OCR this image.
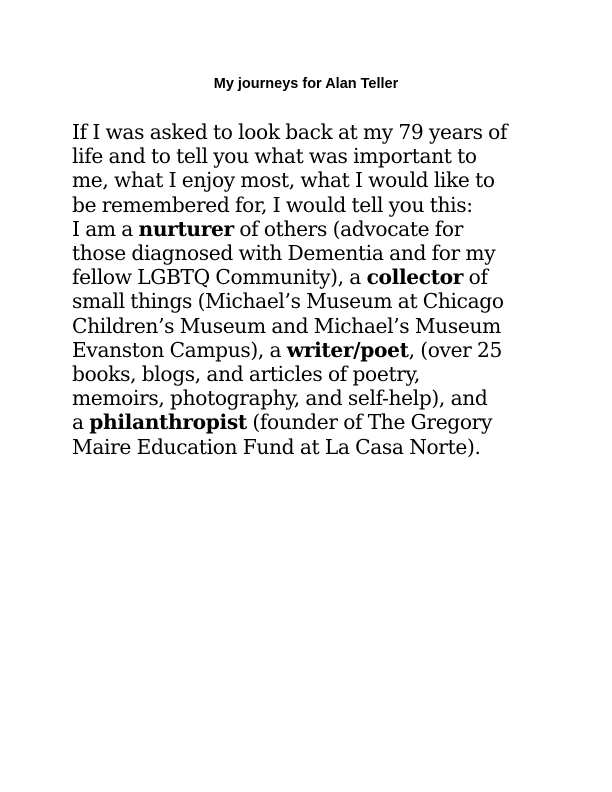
My journeys for Alan Teller
If I was asked to look back at my 79 years of
life and to tell you what was important to
me, what I enjoy most, what I would like to
be remembered for, I would tell you this:
I am a nurturer of others (advocate for
those diagnosed with Dementia and for my
fellow LGBTQ Community), a collector of
small things (Michael’s Museum at Chicago
Children’s Museum and Michael’s Museum
Evanston Campus), a writer/poet, (over 25
books, blogs, and articles of poetry,
memoirs, photography, and self-help), and
a philanthropist (founder of The Gregory
Maire Education Fund at La Casa Norte).
